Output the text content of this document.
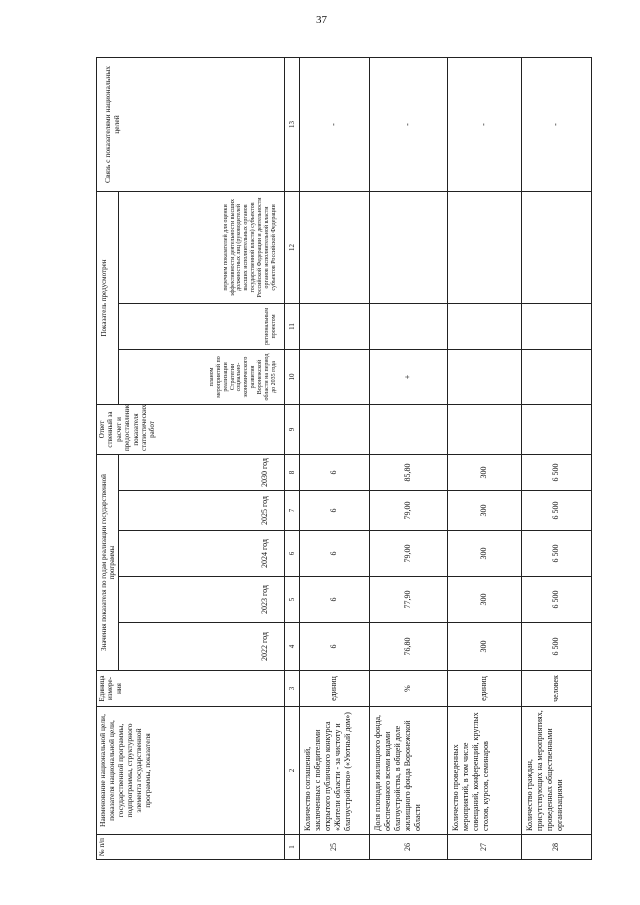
37
№ п/п	Наименование национальной цели, показателя национальной цели, государственной программы, подпрограммы, структурного элемента государственной программы, показателя	Единица измере-ния	Значения показателя по годам реализации государственной программы					Ответ ственный за расчет и предоставление показателя статистических работ	Показатель предусмотрен			Связь с показателями национальных целей
			2022 год	2023 год	2024 год	2025 год	2030 год		планом мероприятий по реализации Стратегии социально-экономического развития Воронежской области на период до 2035 года	региональным проектом	перечнем показателей для оценки эффективности деятельности высших должностных лиц (руководителей высших исполнительных органов государственной власти) субъектов Российской Федерации и деятельности органов исполнительной власти субъектов Российской Федерации	
1	2	3	4	5	6	7	8	9	10	11	12	13
25	Количество соглашений, заключенных с победителями открытого публичного конкурса «Жители области - за чистоту и благоустройство» («Уютный дом»)	единиц	6	6	6	6	6					-
26	Доля площади жилищного фонда, обеспеченного всеми видами благоустройства, в общей доле жилищного фонда Воронежской области	%	76,80	77,90	79,00	79,00	85,80		+			-
27	Количество проведенных мероприятий, в том числе совещаний, конференций, круглых столов, курсов, семинаров	единиц	300	300	300	300	300					-
28	Количество граждан, присутствующих на мероприятиях, проведенных общественными организациями	человек	6 500	6 500	6 500	6 500	6 500					-
